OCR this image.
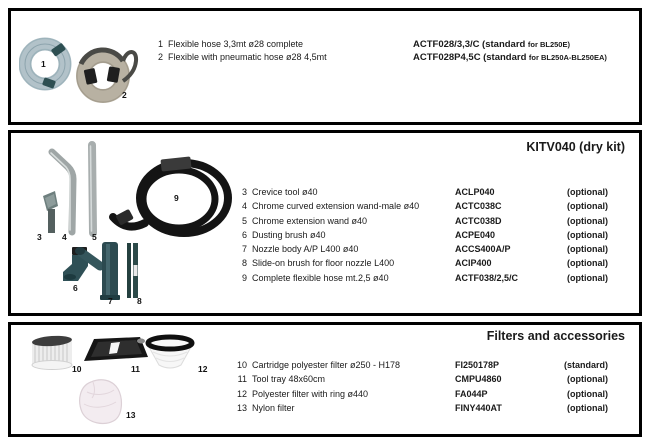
1
2
1 Flexible hose 3,3mt ø28 complete	ACTF028/3,3/C (standard for BL250E)
2 Flexible with pneumatic hose ø28 4,5mt	ACTF028P4,5C (standard for BL250A-BL250EA)
KITV040 (dry kit)
9
3 4	5
6
7	8
3 Crevice tool ø40	ACLP040	(optional)
4 Chrome curved extension wand-male ø40	ACTC038C	(optional)
5 Chrome extension wand ø40	ACTC038D	(optional)
6 Dusting brush ø40	ACPE040	(optional)
7 Nozzle body A/P L400 ø40	ACCS400A/P	(optional)
8 Slide-on brush for floor nozzle L400	ACIP400	(optional)
9 Complete flexible hose mt.2,5 ø40	ACTF038/2,5/C	(optional)
Filters and accessories
10	11	12
13
10 Cartridge polyester filter ø250 - H178	FI250178P	(standard)
11 Tool tray 48x60cm	CMPU4860	(optional)
12 Polyester filter with ring ø440	FA044P	(optional)
13 Nylon filter	FINY440AT	(optional)
